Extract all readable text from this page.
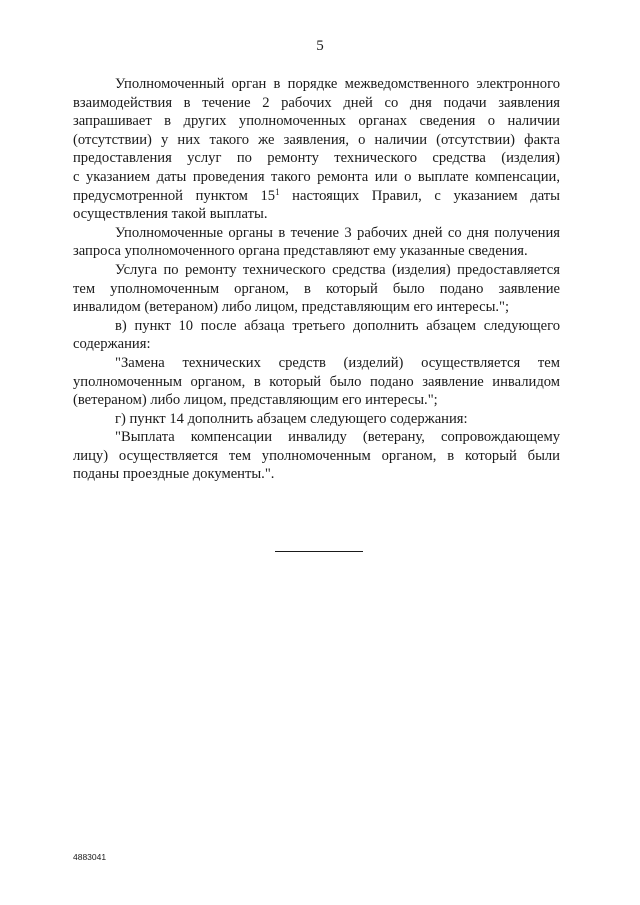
5
Уполномоченный орган в порядке межведомственного электронного
взаимодействия в течение 2 рабочих дней со дня подачи заявления
запрашивает в других уполномоченных органах сведения о наличии
(отсутствии) у них такого же заявления, о наличии (отсутствии) факта
предоставления услуг по ремонту технического средства (изделия)
с указанием даты проведения такого ремонта или о выплате компенсации,
предусмотренной пунктом $15^1$ настоящих Правил, с указанием даты
осуществления такой выплаты.
Уполномоченные органы в течение 3 рабочих дней со дня получения
запроса уполномоченного органа представляют ему указанные сведения.
Услуга по ремонту технического средства (изделия) предоставляется
тем уполномоченным органом, в который было подано заявление
инвалидом (ветераном) либо лицом, представляющим его интересы.";
в) пункт 10 после абзаца третьего дополнить абзацем следующего
содержания:
"Замена технических средств (изделий) осуществляется тем
уполномоченным органом, в который было подано заявление инвалидом
(ветераном) либо лицом, представляющим его интересы.";
г) пункт 14 дополнить абзацем следующего содержания:
"Выплата компенсации инвалиду (ветерану, сопровождающему
лицу) осуществляется тем уполномоченным органом, в который были
поданы проездные документы.".
4883041
